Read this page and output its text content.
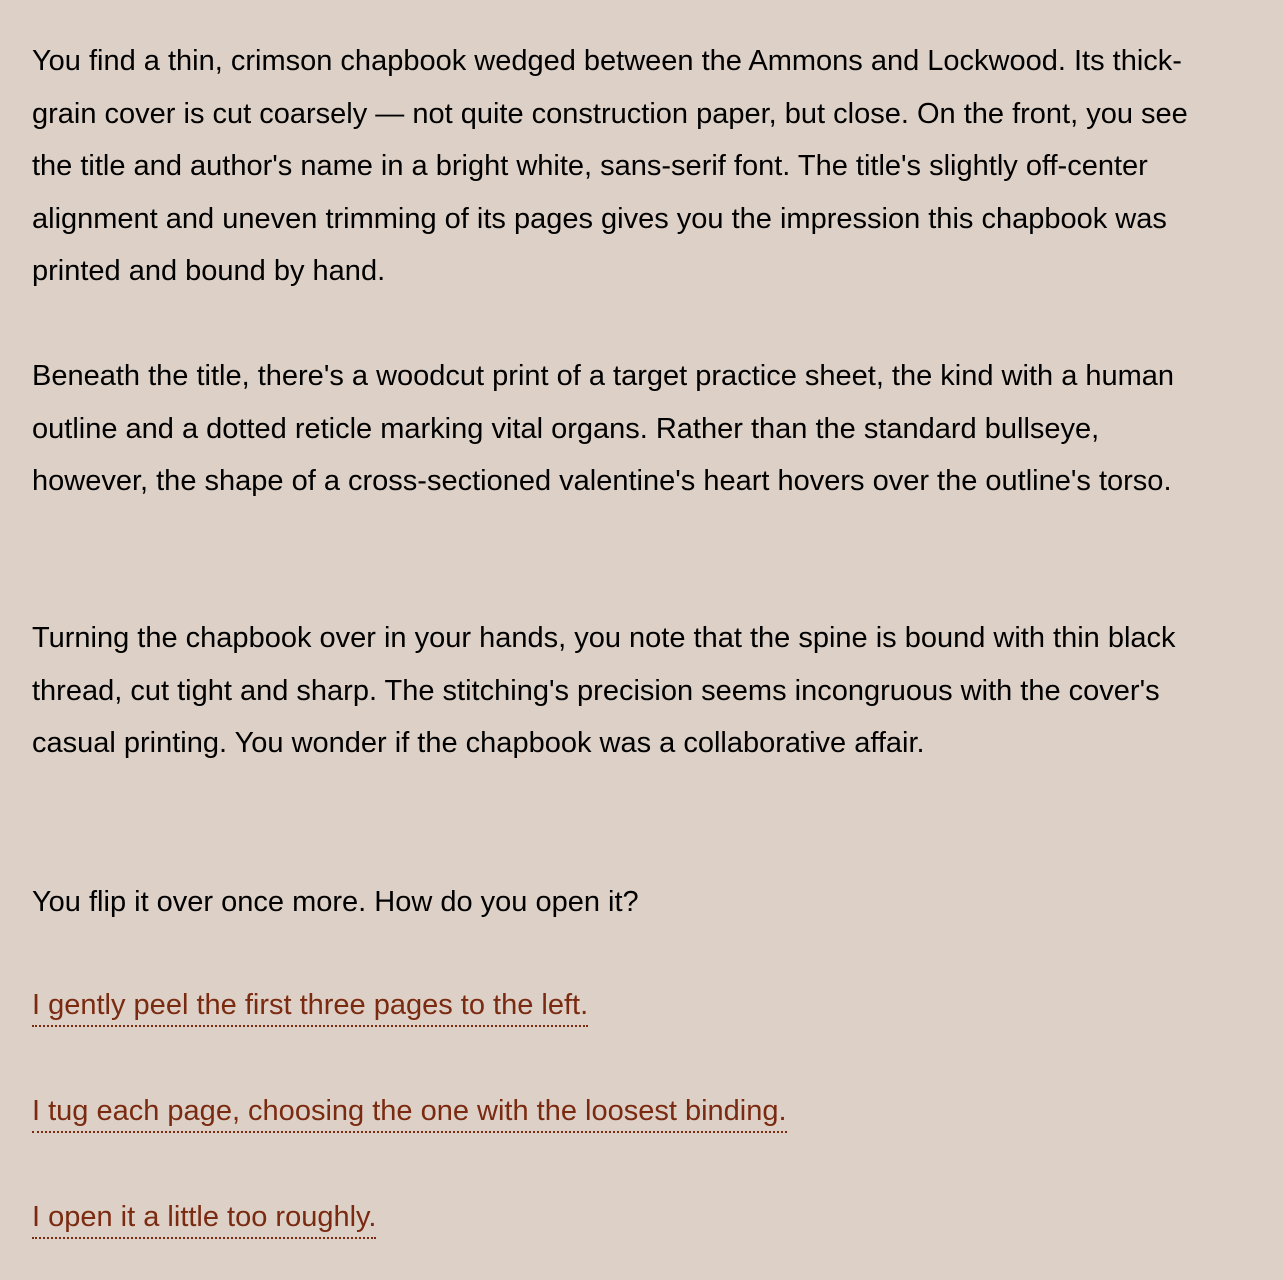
You find a thin, crimson chapbook wedged between the Ammons and Lockwood. Its thick-grain cover is cut coarsely — not quite construction paper, but close. On the front, you see the title and author's name in a bright white, sans-serif font. The title's slightly off-center alignment and uneven trimming of its pages gives you the impression this chapbook was printed and bound by hand.

Beneath the title, there's a woodcut print of a target practice sheet, the kind with a human outline and a dotted reticle marking vital organs. Rather than the standard bullseye, however, the shape of a cross-sectioned valentine's heart hovers over the outline's torso.

Turning the chapbook over in your hands, you note that the spine is bound with thin black thread, cut tight and sharp. The stitching's precision seems incongruous with the cover's casual printing. You wonder if the chapbook was a collaborative affair.

You flip it over once more. How do you open it?

I gently peel the first three pages to the left.
I tug each page, choosing the one with the loosest binding.
I open it a little too roughly.
